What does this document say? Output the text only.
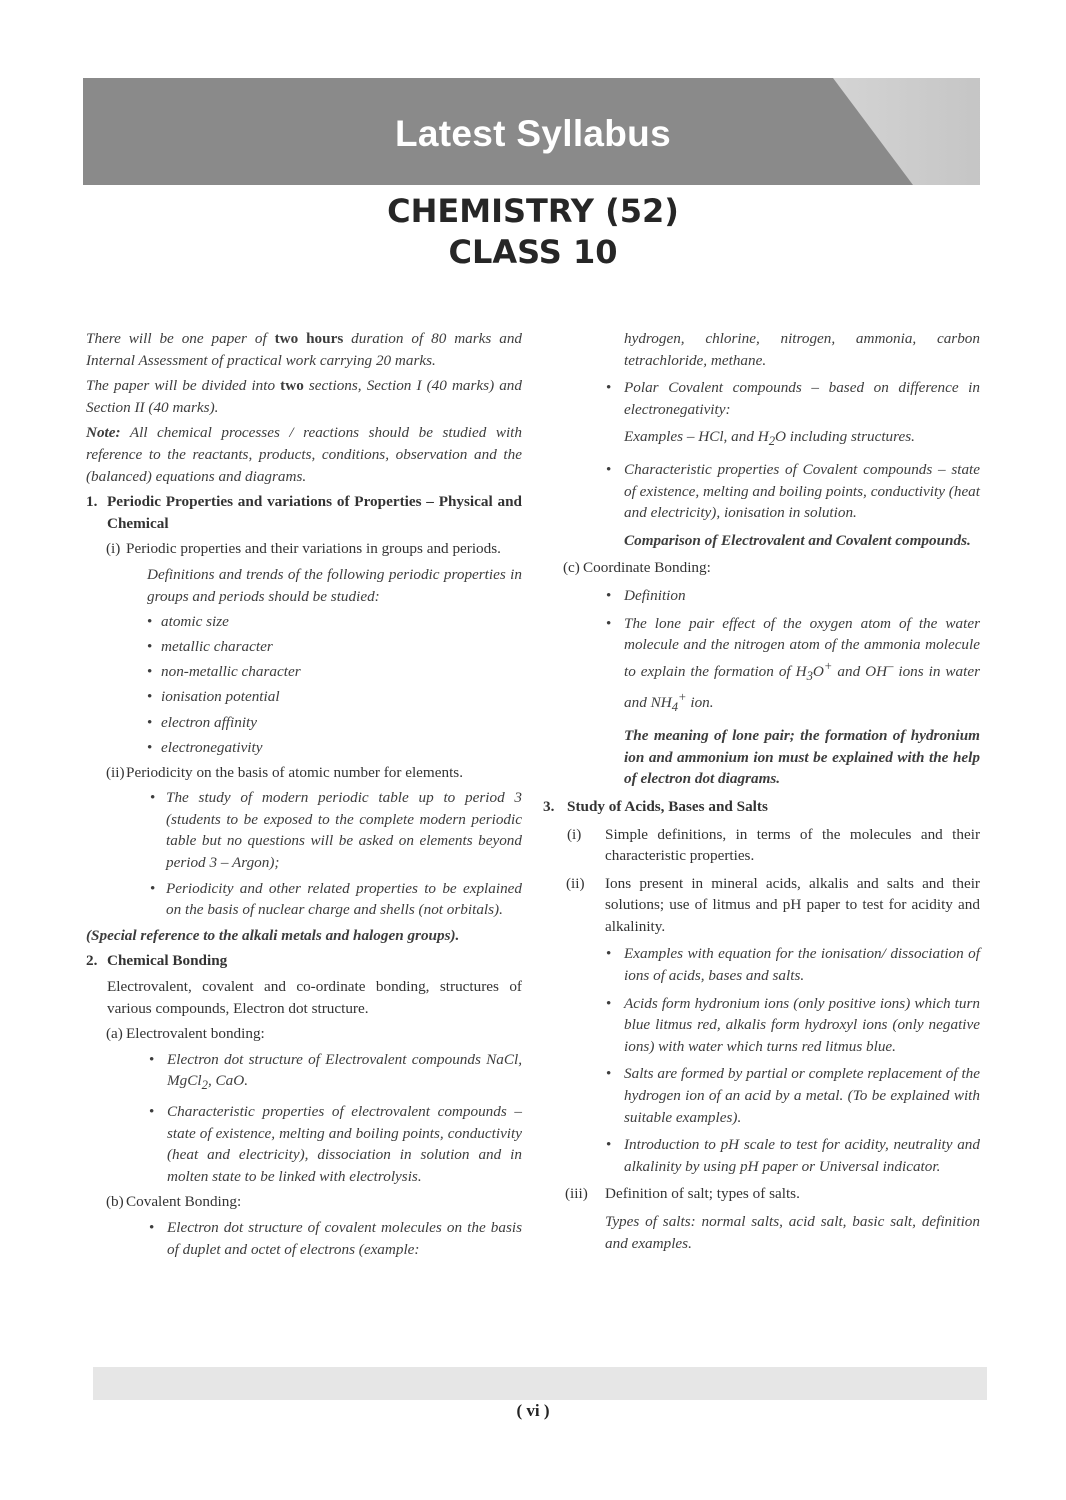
Latest Syllabus
CHEMISTRY (52)
CLASS 10

There will be one paper of two hours duration of 80 marks and Internal Assessment of practical work carrying 20 marks.

The paper will be divided into two sections, Section I (40 marks) and Section II (40 marks).

Note: All chemical processes / reactions should be studied with reference to the reactants, products, conditions, observation and the (balanced) equations and diagrams.

1. Periodic Properties and variations of Properties – Physical and Chemical
(i) Periodic properties and their variations in groups and periods.

Definitions and trends of the following periodic properties in groups and periods should be studied:

• atomic size
• metallic character
• non-metallic character
• ionisation potential
• electron affinity
• electronegativity
(ii) Periodicity on the basis of atomic number for elements.
• The study of modern periodic table up to period 3 (students to be exposed to the complete modern periodic table but no questions will be asked on elements beyond period 3 – Argon);
• Periodicity and other related properties to be explained on the basis of nuclear charge and shells (not orbitals).

(Special reference to the alkali metals and halogen groups).

2. Chemical Bonding

Electrovalent, covalent and co-ordinate bonding, structures of various compounds, Electron dot structure.

(a) Electrovalent bonding:
• Electron dot structure of Electrovalent compounds NaCl, MgCl$_2$, CaO.
• Characteristic properties of electrovalent compounds – state of existence, melting and boiling points, conductivity (heat and electricity), dissociation in solution and in molten state to be linked with electrolysis.
(b) Covalent Bonding:
• Electron dot structure of covalent molecules on the basis of duplet and octet of electrons (example:

hydrogen, chlorine, nitrogen, ammonia, carbon tetrachloride, methane.

• Polar Covalent compounds – based on difference in electronegativity:

Examples – HCl, and $H_2O$ including structures.

• Characteristic properties of Covalent compounds – state of existence, melting and boiling points, conductivity (heat and electricity), ionisation in solution.

Comparison of Electrovalent and Covalent compounds.

(c) Coordinate Bonding:
• Definition
• The lone pair effect of the oxygen atom of the water molecule and the nitrogen atom of the ammonia molecule to explain the formation of $H_3O^+$ and OH– ions in water and $NH_4^+$ ion.

The meaning of lone pair; the formation of hydronium ion and ammonium ion must be explained with the help of electron dot diagrams.

3. Study of Acids, Bases and Salts
(i)	Simple definitions, in terms of the molecules and their characteristic properties.
(ii)	Ions present in mineral acids, alkalis and salts and their solutions; use of litmus and pH paper to test for acidity and alkalinity.
• Examples with equation for the ionisation/ dissociation of ions of acids, bases and salts.
• Acids form hydronium ions (only positive ions) which turn blue litmus red, alkalis form hydroxyl ions (only negative ions) with water which turns red litmus blue.
• Salts are formed by partial or complete replacement of the hydrogen ion of an acid by a metal. (To be explained with suitable examples).
• Introduction to pH scale to test for acidity, neutrality and alkalinity by using pH paper or Universal indicator.
(iii)	Definition of salt; types of salts.

Types of salts: normal salts, acid salt, basic salt, definition and examples.

( vi )
